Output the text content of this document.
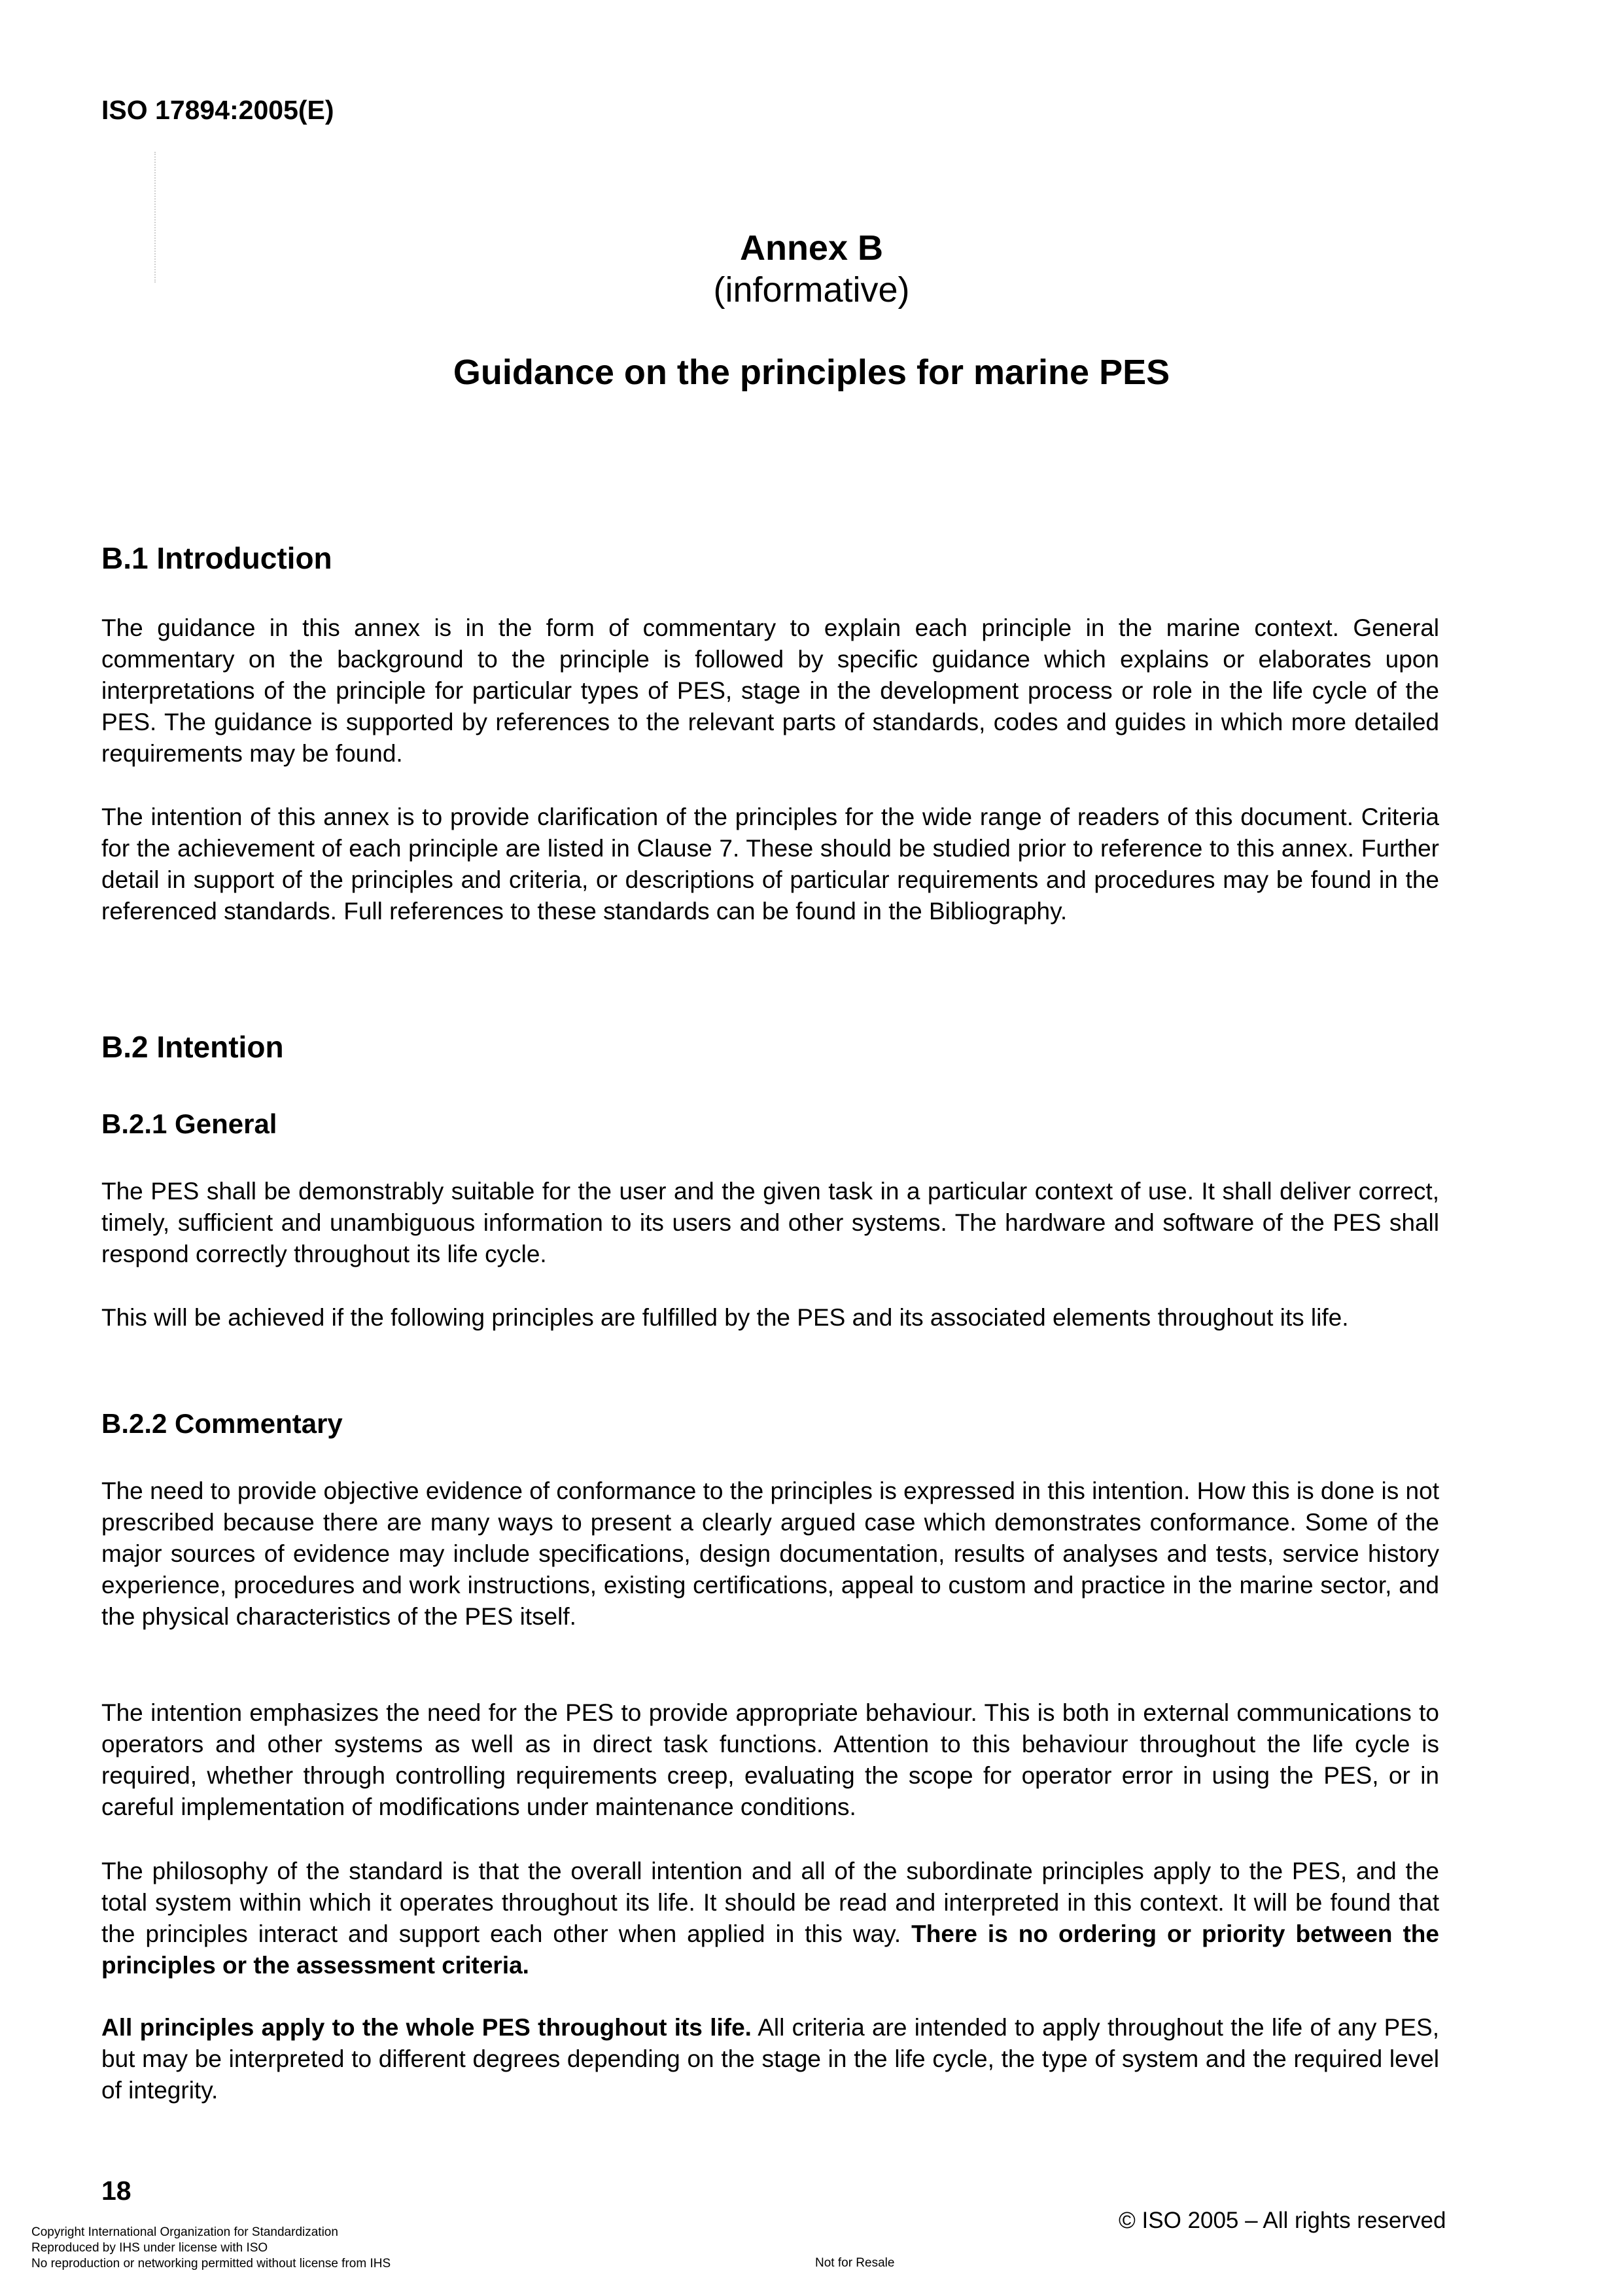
ISO 17894:2005(E)
Annex B
(informative)
Guidance on the principles for marine PES
B.1 Introduction

The guidance in this annex is in the form of commentary to explain each principle in the marine context. General commentary on the background to the principle is followed by specific guidance which explains or elaborates upon interpretations of the principle for particular types of PES, stage in the development process or role in the life cycle of the PES. The guidance is supported by references to the relevant parts of standards, codes and guides in which more detailed requirements may be found.

The intention of this annex is to provide clarification of the principles for the wide range of readers of this document. Criteria for the achievement of each principle are listed in Clause 7. These should be studied prior to reference to this annex. Further detail in support of the principles and criteria, or descriptions of particular requirements and procedures may be found in the referenced standards. Full references to these standards can be found in the Bibliography.

B.2 Intention
B.2.1 General

The PES shall be demonstrably suitable for the user and the given task in a particular context of use. It shall deliver correct, timely, sufficient and unambiguous information to its users and other systems. The hardware and software of the PES shall respond correctly throughout its life cycle.

This will be achieved if the following principles are fulfilled by the PES and its associated elements throughout its life.

B.2.2 Commentary

The need to provide objective evidence of conformance to the principles is expressed in this intention. How this is done is not prescribed because there are many ways to present a clearly argued case which demonstrates conformance. Some of the major sources of evidence may include specifications, design documentation, results of analyses and tests, service history experience, procedures and work instructions, existing certifications, appeal to custom and practice in the marine sector, and the physical characteristics of the PES itself.

The intention emphasizes the need for the PES to provide appropriate behaviour. This is both in external communications to operators and other systems as well as in direct task functions. Attention to this behaviour throughout the life cycle is required, whether through controlling requirements creep, evaluating the scope for operator error in using the PES, or in careful implementation of modifications under maintenance conditions.

The philosophy of the standard is that the overall intention and all of the subordinate principles apply to the PES, and the total system within which it operates throughout its life. It should be read and interpreted in this context. It will be found that the principles interact and support each other when applied in this way. There is no ordering or priority between the principles or the assessment criteria.

All principles apply to the whole PES throughout its life. All criteria are intended to apply throughout the life of any PES, but may be interpreted to different degrees depending on the stage in the life cycle, the type of system and the required level of integrity.

18
© ISO 2005 – All rights reserved
Copyright International Organization for Standardization
Reproduced by IHS under license with ISO
No reproduction or networking permitted without license from IHS	Not for Resale
